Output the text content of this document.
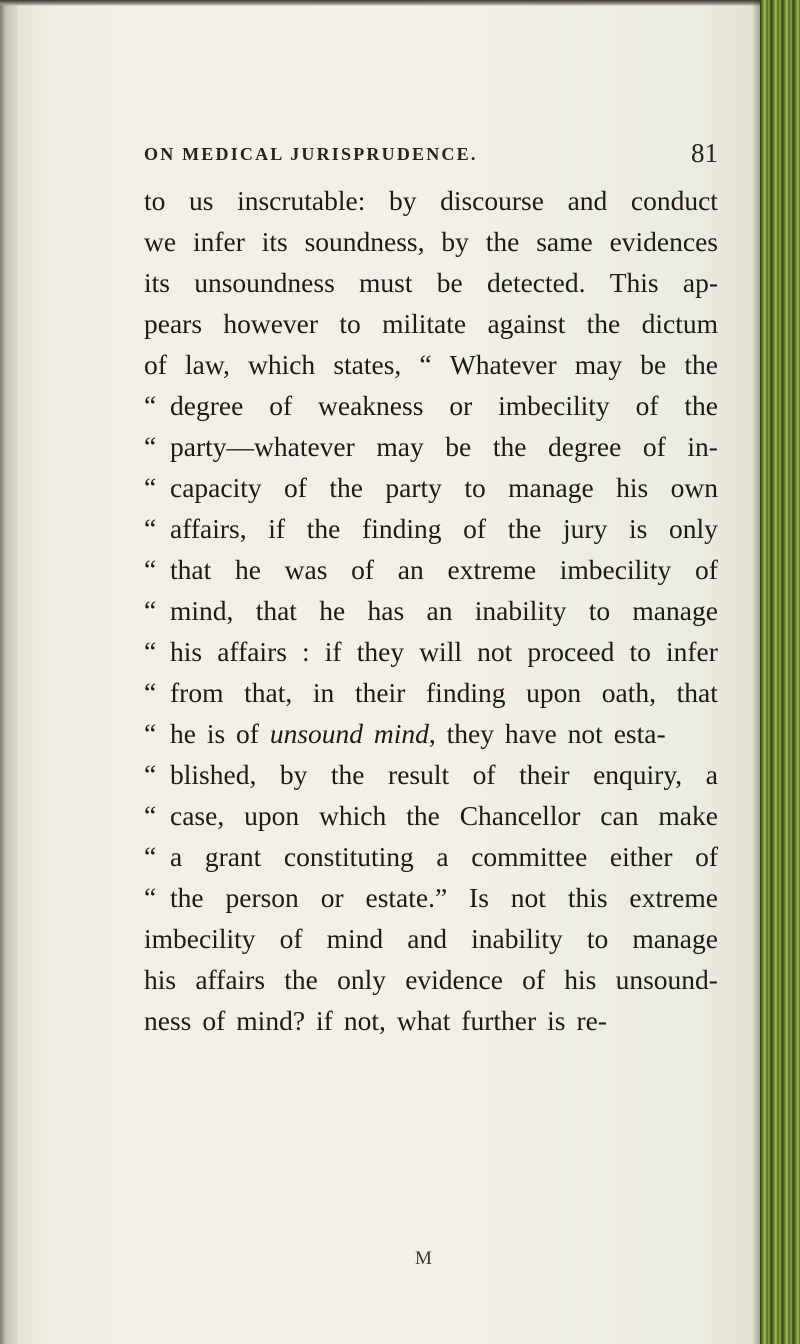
ON MEDICAL JURISPRUDENCE.	81
to us inscrutable: by discourse and conduct
we infer its soundness, by the same evidences
its unsoundness must be detected. This ap-
pears however to militate against the dictum
of law, which states, “ Whatever may be the
“ degree of weakness or imbecility of the
“ party—whatever may be the degree of in-
“ capacity of the party to manage his own
“ affairs, if the finding of the jury is only
“ that he was of an extreme imbecility of
“ mind, that he has an inability to manage
“ his affairs : if they will not proceed to infer
“ from that, in their finding upon oath, that
“ he is of unsound mind, they have not esta-
“ blished, by the result of their enquiry, a
“ case, upon which the Chancellor can make
“ a grant constituting a committee either of
“ the person or estate.” Is not this extreme
imbecility of mind and inability to manage
his affairs the only evidence of his unsound-
ness of mind? if not, what further is re-
M
